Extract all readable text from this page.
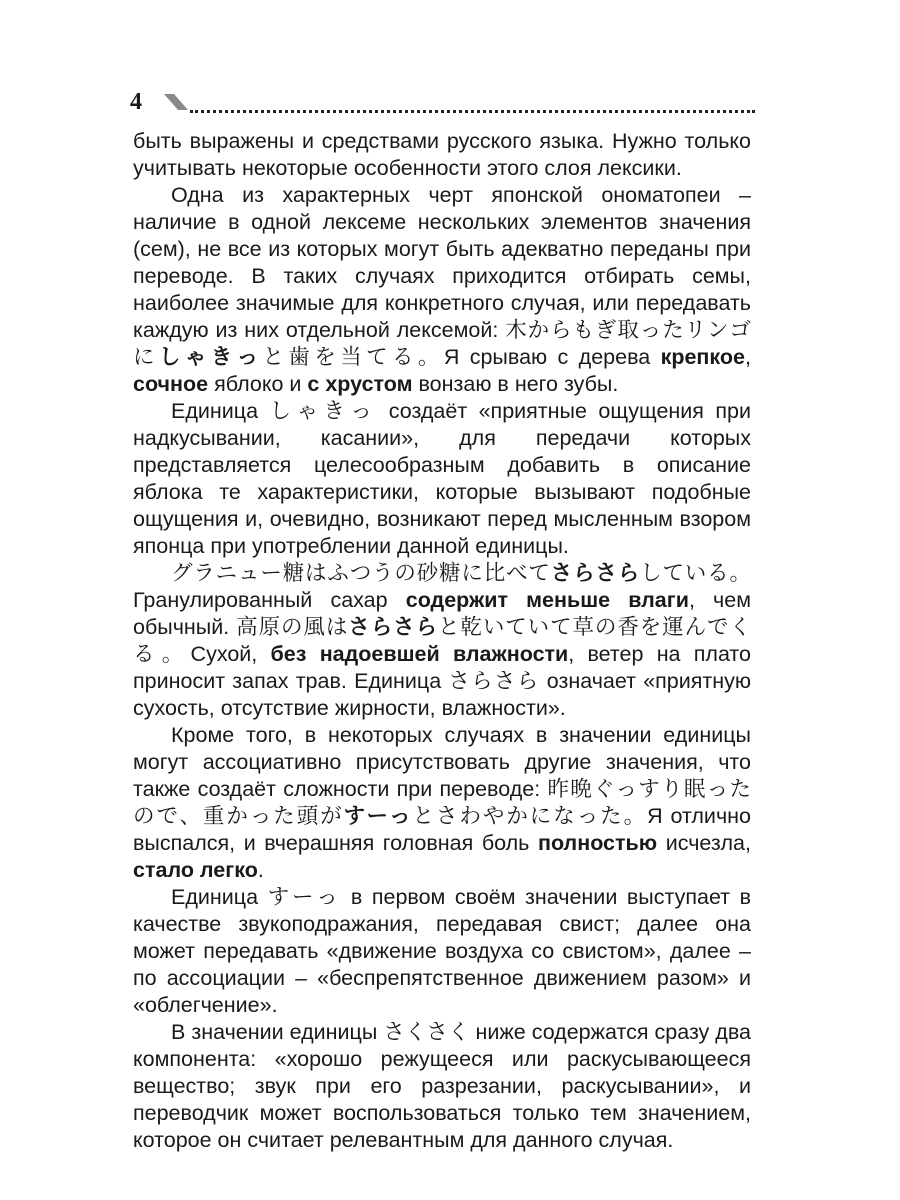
4

быть выражены и средствами русского языка. Нужно только учитывать некоторые особенности этого слоя лексики.

Одна из характерных черт японской ономатопеи – наличие в одной лексеме нескольких элементов значения (сем), не все из которых могут быть адекватно переданы при переводе. В таких случаях приходится отбирать семы, наиболее значимые для конкретного случая, или передавать каждую из них отдельной лексемой: 木からもぎ取ったリンゴにしゃきっと歯を当てる。Я срываю с дерева крепкое, сочное яблоко и с хрустом вонзаю в него зубы.

Единица しゃきっ создаёт «приятные ощущения при надкусывании, касании», для передачи которых представляется целесообразным добавить в описание яблока те характеристики, которые вызывают подобные ощущения и, очевидно, возникают перед мысленным взором японца при употреблении данной единицы.

グラニュー糖はふつうの砂糖に比べてさらさらしている。Гранулированный сахар содержит меньше влаги, чем обычный. 高原の風はさらさらと乾いていて草の香を運んでくる。Сухой, без надоевшей влажности, ветер на плато приносит запах трав. Единица さらさら означает «приятную сухость, отсутствие жирности, влажности».

Кроме того, в некоторых случаях в значении единицы могут ассоциативно присутствовать другие значения, что также создаёт сложности при переводе: 昨晩ぐっすり眠ったので、重かった頭がすーっとさわやかになった。Я отлично выспался, и вчерашняя головная боль полностью исчезла, стало легко.

Единица すーっ в первом своём значении выступает в качестве звукоподражания, передавая свист; далее она может передавать «движение воздуха со свистом», далее – по ассоциации – «беспрепятственное движением разом» и «облегчение».

В значении единицы さくさく ниже содержатся сразу два компонента: «хорошо режущееся или раскусывающееся вещество; звук при его разрезании, раскусывании», и переводчик может воспользоваться только тем значением, которое он считает релевантным для данного случая.
